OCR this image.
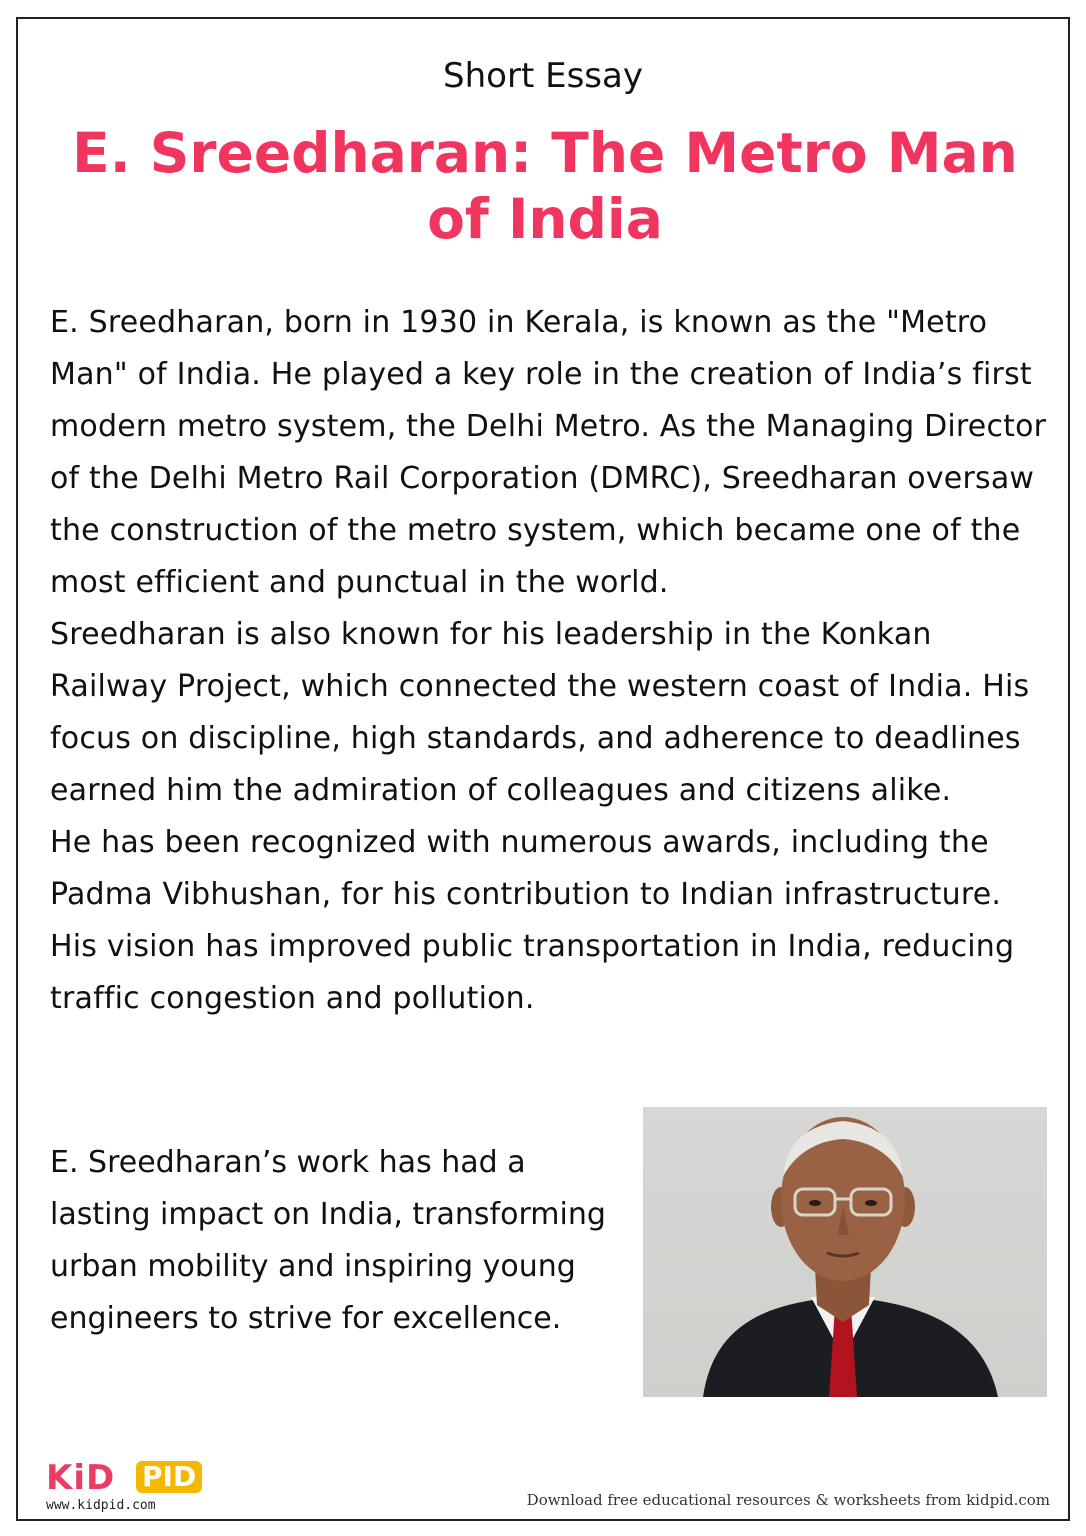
Short Essay
E. Sreedharan: The Metro Man of India

E. Sreedharan, born in 1930 in Kerala, is known as the "Metro Man" of India. He played a key role in the creation of India’s first modern metro system, the Delhi Metro. As the Managing Director of the Delhi Metro Rail Corporation (DMRC), Sreedharan oversaw the construction of the metro system, which became one of the most efficient and punctual in the world.

Sreedharan is also known for his leadership in the Konkan Railway Project, which connected the western coast of India. His focus on discipline, high standards, and adherence to deadlines earned him the admiration of colleagues and citizens alike.

He has been recognized with numerous awards, including the Padma Vibhushan, for his contribution to Indian infrastructure. His vision has improved public transportation in India, reducing traffic congestion and pollution.

E. Sreedharan’s work has had a lasting impact on India, transforming urban mobility and inspiring young engineers to strive for excellence.

KiD PID
www.kidpid.com	Download free educational resources & worksheets from kidpid.com
